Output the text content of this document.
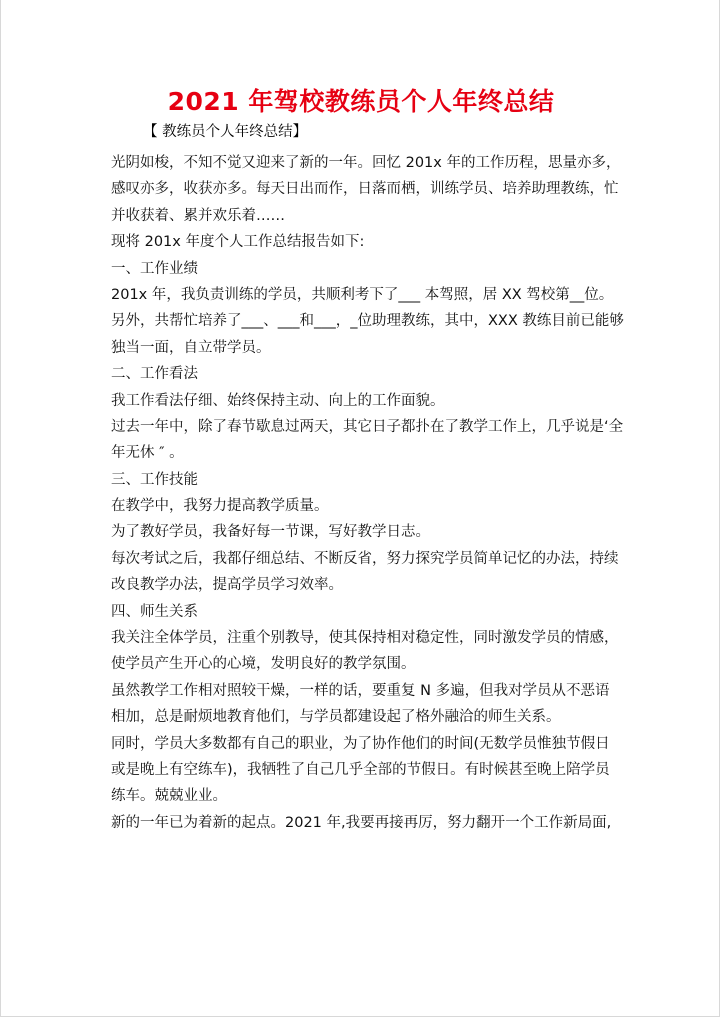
2021 年驾校教练员个人年终总结
【 教练员个人年终总结】
光阴如梭，不知不觉又迎来了新的一年。回忆 201x 年的工作历程，思量亦多，
感叹亦多，收获亦多。每天日出而作，日落而栖，训练学员、培养助理教练，忙
并收获着、累并欢乐着……
现将 201x 年度个人工作总结报告如下:
一、工作业绩
201x 年，我负责训练的学员，共顺利考下了___ 本驾照，居 XX 驾校第__位。
另外，共帮忙培养了___、___和___，_位助理教练，其中，XXX 教练目前已能够
独当一面，自立带学员。
二、工作看法
我工作看法仔细、始终保持主动、向上的工作面貌。
过去一年中，除了春节歇息过两天，其它日子都扑在了教学工作上，几乎说是‘全
年无休 ″ 。
三、工作技能
在教学中，我努力提高教学质量。
为了教好学员，我备好每一节课，写好教学日志。
每次考试之后，我都仔细总结、不断反省，努力探究学员简单记忆的办法，持续
改良教学办法，提高学员学习效率。
四、师生关系
我关注全体学员，注重个别教导，使其保持相对稳定性，同时激发学员的情感，
使学员产生开心的心境，发明良好的教学氛围。
虽然教学工作相对照较干燥，一样的话，要重复 N 多遍，但我对学员从不恶语
相加，总是耐烦地教育他们，与学员都建设起了格外融洽的师生关系。
同时，学员大多数都有自己的职业，为了协作他们的时间(无数学员惟独节假日
或是晚上有空练车)，我牺牲了自己几乎全部的节假日。有时候甚至晚上陪学员
练车。兢兢业业。
新的一年已为着新的起点。2021 年,我要再接再厉，努力翻开一个工作新局面,
